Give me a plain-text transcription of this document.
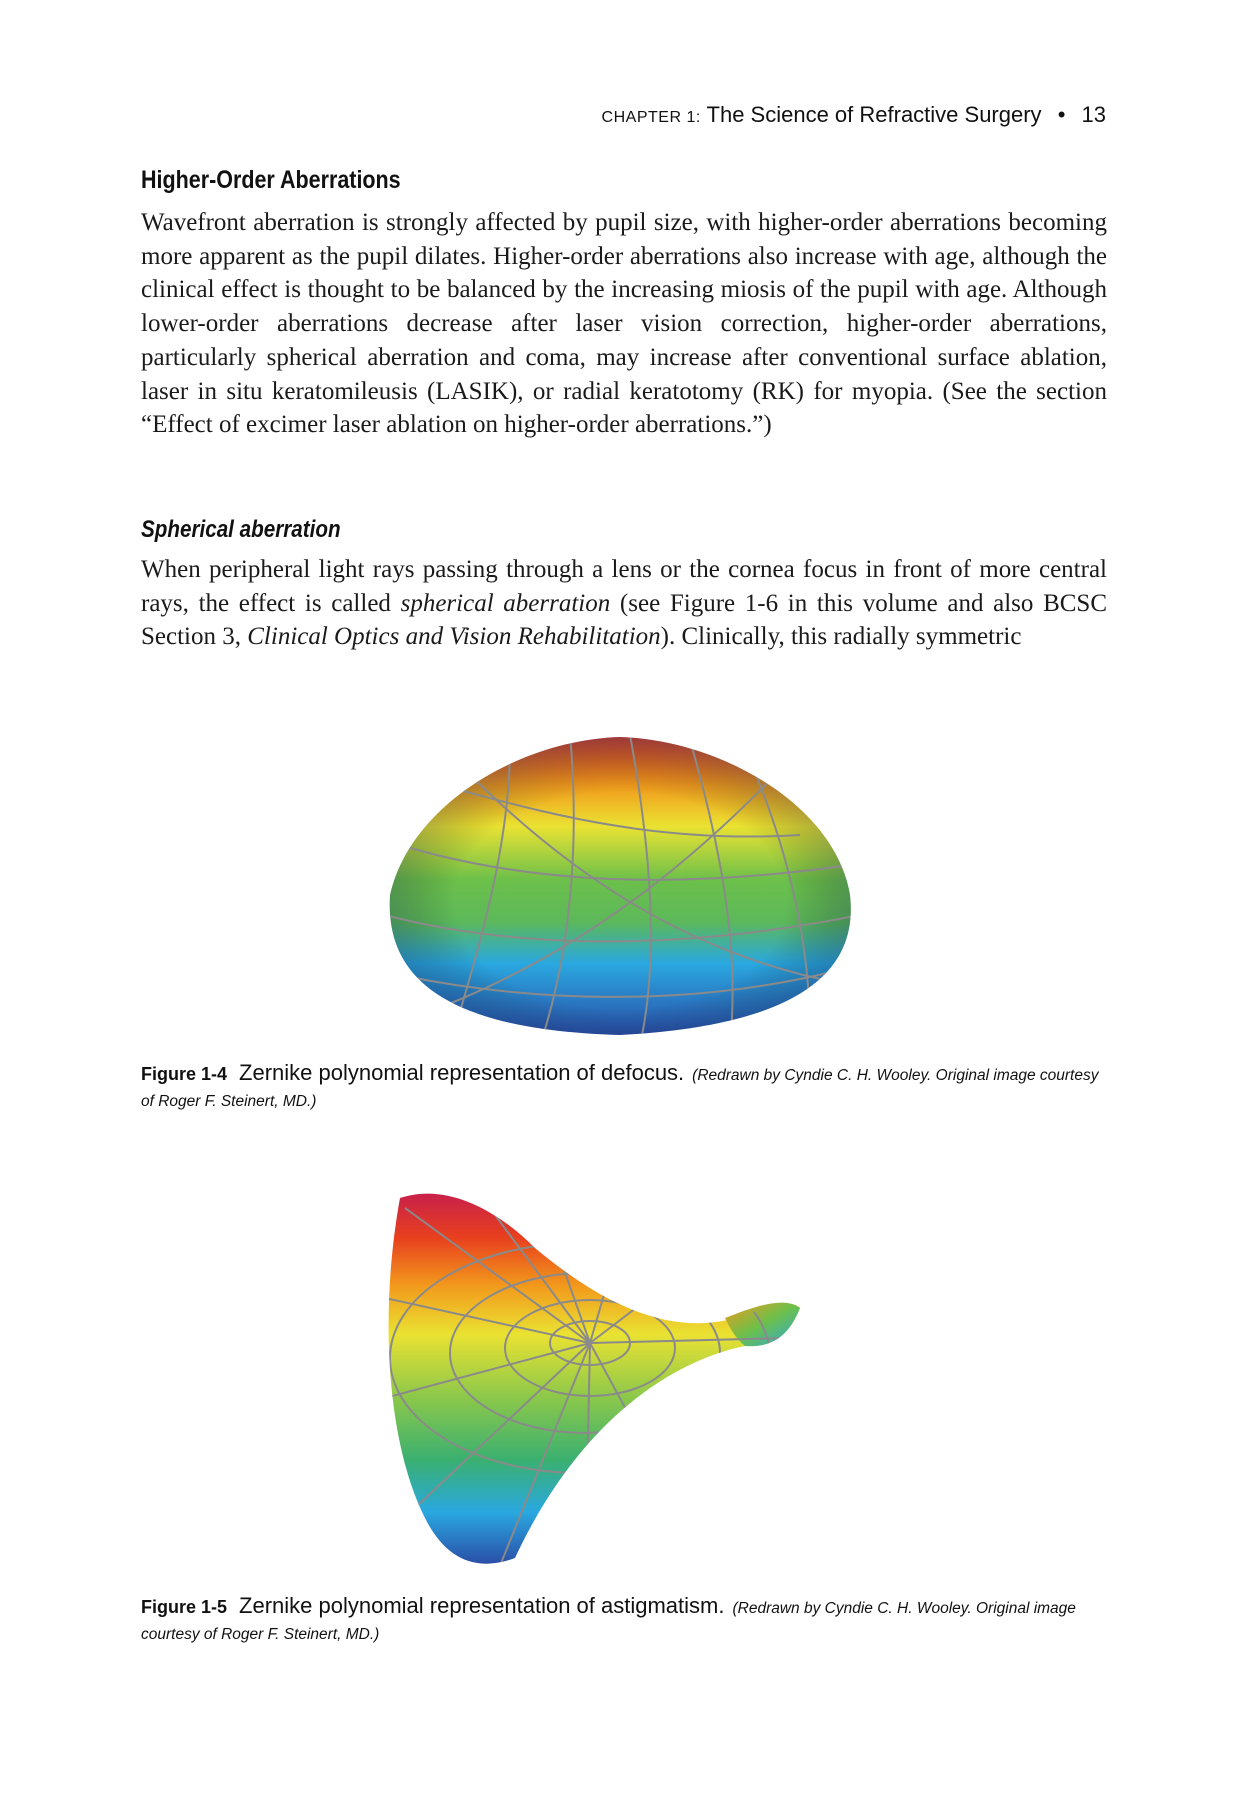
CHAPTER 1: The Science of Refractive Surgery • 13
Higher-Order Aberrations

Wavefront aberration is strongly affected by pupil size, with higher-order aberrations becoming more apparent as the pupil dilates. Higher-order aberrations also increase with age, although the clinical effect is thought to be balanced by the increasing miosis of the pupil with age. Although lower-order aberrations decrease after laser vision correction, higher-order aberrations, particularly spherical aberration and coma, may increase after conventional surface ablation, laser in situ keratomileusis (LASIK), or radial keratotomy (RK) for myopia. (See the section “Effect of excimer laser ablation on higher-order aberrations.”)

Spherical aberration

When peripheral light rays passing through a lens or the cornea focus in front of more central rays, the effect is called spherical aberration (see Figure 1-6 in this volume and also BCSC Section 3, Clinical Optics and Vision Rehabilitation). Clinically, this radially symmetric

Figure 1-4 Zernike polynomial representation of defocus. (Redrawn by Cyndie C. H. Wooley. Original image courtesy of Roger F. Steinert, MD.)

Figure 1-5 Zernike polynomial representation of astigmatism. (Redrawn by Cyndie C. H. Wooley. Original image courtesy of Roger F. Steinert, MD.)
